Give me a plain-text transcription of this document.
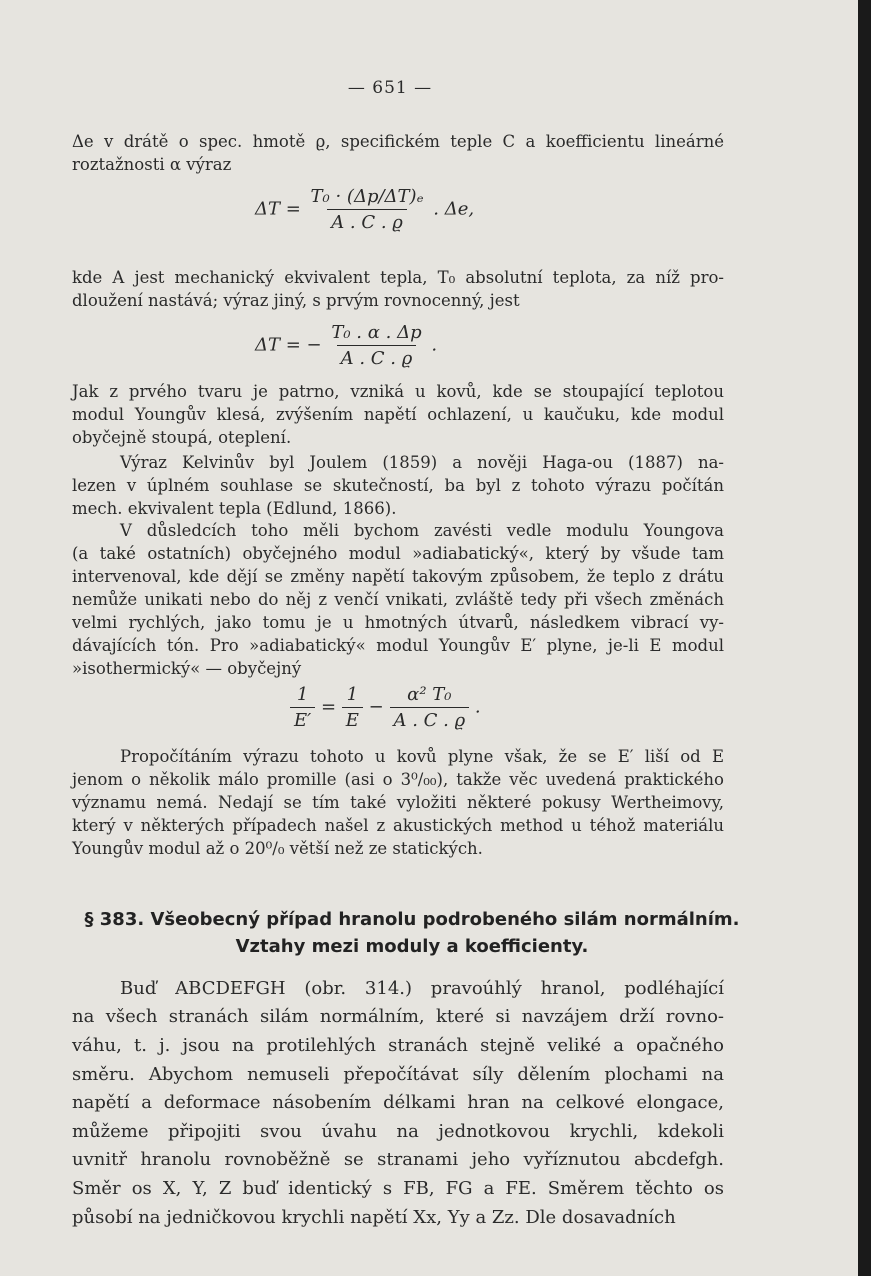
— 651 —
Δe v drátě o spec. hmotě ϱ, specifickém teple C a koefficientu lineárné
roztažnosti α výraz
$\Delta T = \frac{\text{T₀ · (Δp/ΔT)ₑ}}{A . C . ϱ}$ . Δe,
kde A jest mechanický ekvivalent tepla, T₀ absolutní teplota, za níž pro-
dloužení nastává; výraz jiný, s prvým rovnocenný, jest
ΔT = − $\frac{\text{T₀ . α . Δp}}{A . C . ϱ}$ .
Jak z prvého tvaru je patrno, vzniká u kovů, kde se stoupající teplotou
modul Youngův klesá, zvýšením napětí ochlazení, u kaučuku, kde modul
obyčejně stoupá, oteplení.
Výraz Kelvinův byl Joulem (1859) a nověji Haga-ou (1887) na-
lezen v úplném souhlase se skutečností, ba byl z tohoto výrazu počítán
mech. ekvivalent tepla (Edlund, 1866).
V důsledcích toho měli bychom zavésti vedle modulu Youngova
(a také ostatních) obyčejného modul »adiabatický«, který by všude tam
intervenoval, kde dějí se změny napětí takovým způsobem, že teplo z drátu
nemůže unikati nebo do něj z venčí vnikati, zvláště tedy při všech změnách
velmi rychlých, jako tomu je u hmotných útvarů, následkem vibrací vy-
dávajících tón. Pro »adiabatický« modul Youngův E′ plyne, je-li E modul
»isothermický« — obyčejný
$\frac{1}{E'} = \frac{1}{E} - \frac{\text{α² T₀}}{A . C . ϱ}$ .
Propočítáním výrazu tohoto u kovů plyne však, že se E′ liší od E
jenom o několik málo promille (asi o 3⁰/₀₀), takže věc uvedená praktického
významu nemá. Nedají se tím také vyložiti některé pokusy Wertheimovy,
který v některých případech našel z akustických method u téhož materiálu
Youngův modul až o 20⁰/₀ větší než ze statických.
§ 383. Všeobecný případ hranolu podrobeného silám normálním.
Vztahy mezi moduly a koefficienty.
Buď ABCDEFGH (obr. 314.) pravoúhlý hranol, podléhající
na všech stranách silám normálním, které si navzájem drží rovno-
váhu, t. j. jsou na protilehlých stranách stejně veliké a opačného
směru. Abychom nemuseli přepočítávat síly dělením plochami na
napětí a deformace násobením délkami hran na celkové elongace,
můžeme připojiti svou úvahu na jednotkovou krychli, kdekoli
uvnitř hranolu rovnoběžně se stranami jeho vyříznutou abcdefgh.
Směr os X, Y, Z buď identický s FB, FG a FE. Směrem těchto os
působí na jedničkovou krychli napětí Xx, Yy a Zz. Dle dosavadních
